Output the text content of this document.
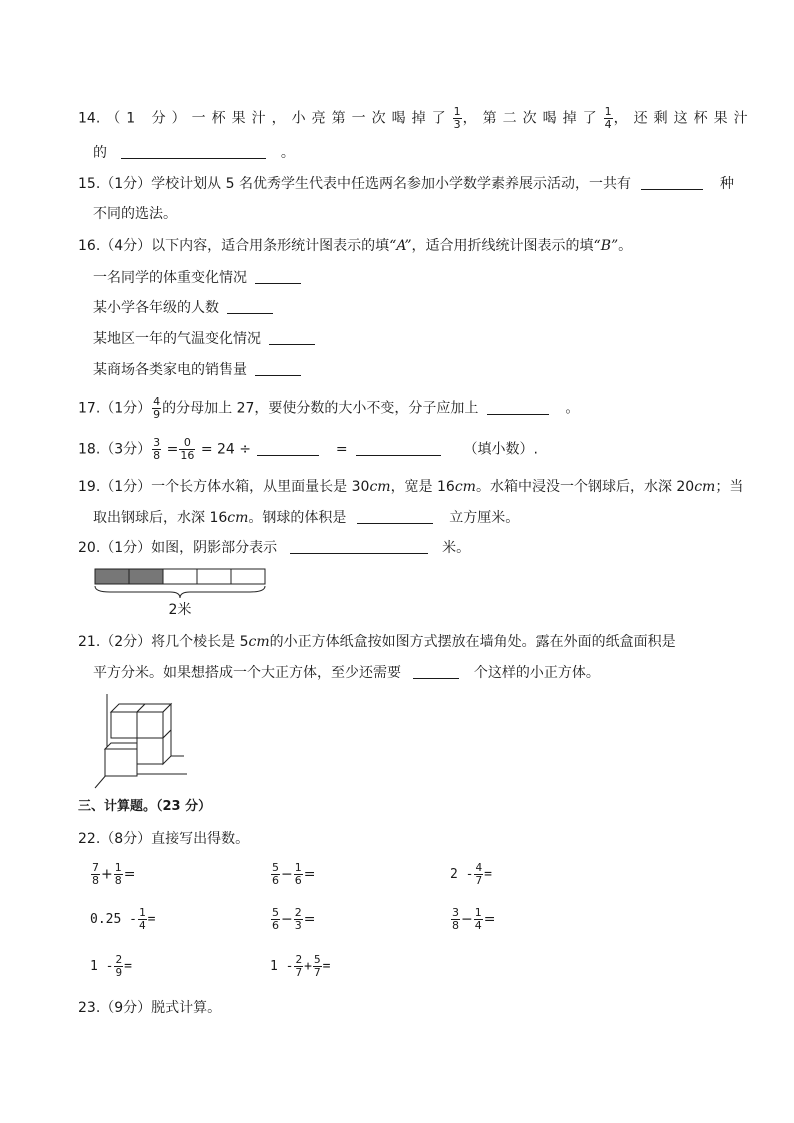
14.（1 分）一杯果汁，小亮第一次喝掉了 $\frac{1}{3}$ ，第二次喝掉了 $\frac{1}{4}$ ，还剩这杯果汁
的	。
15.（1分）学校计划从 5 名优秀学生代表中任选两名参加小学数学素养展示活动，一共有	种
不同的选法。
16.（4分）以下内容，适合用条形统计图表示的填“A”，适合用折线统计图表示的填“B”。
一名同学的体重变化情况
某小学各年级的人数
某地区一年的气温变化情况
某商场各类家电的销售量
17.（1分） $\frac{4}{9}$ 的分母加上 27，要使分数的大小不变，分子应加上	。
18.（3分） $\frac{3}{8} = \frac{0}{16} = 24$ ÷	=	（填小数）.
19.（1分）一个长方体水箱，从里面量长是 30cm，宽是 16cm。水箱中浸没一个钢球后，水深 20cm；当
取出钢球后，水深 16cm。钢球的体积是	立方厘米。
20.（1分）如图，阴影部分表示	米。
2米
21.（2分）将几个棱长是 5cm的小正方体纸盒按如图方式摆放在墙角处。露在外面的纸盒面积是
平方分米。如果想搭成一个大正方体，至少还需要	个这样的小正方体。
三、计算题。（23 分）
22.（8分）直接写出得数。
$\frac{7}{8} + \frac{1}{8}$ =	$\frac{5}{6} - \frac{1}{6}$ =	$2 - \frac{4}{7}$ =
$0.25 - \frac{1}{4}$ =	$\frac{5}{6} - \frac{2}{3}$ =	$\frac{3}{8} - \frac{1}{4}$ =
$1 - \frac{2}{9}$ =	$1 - \frac{2}{7} + \frac{5}{7}$ =
23.（9分）脱式计算。
